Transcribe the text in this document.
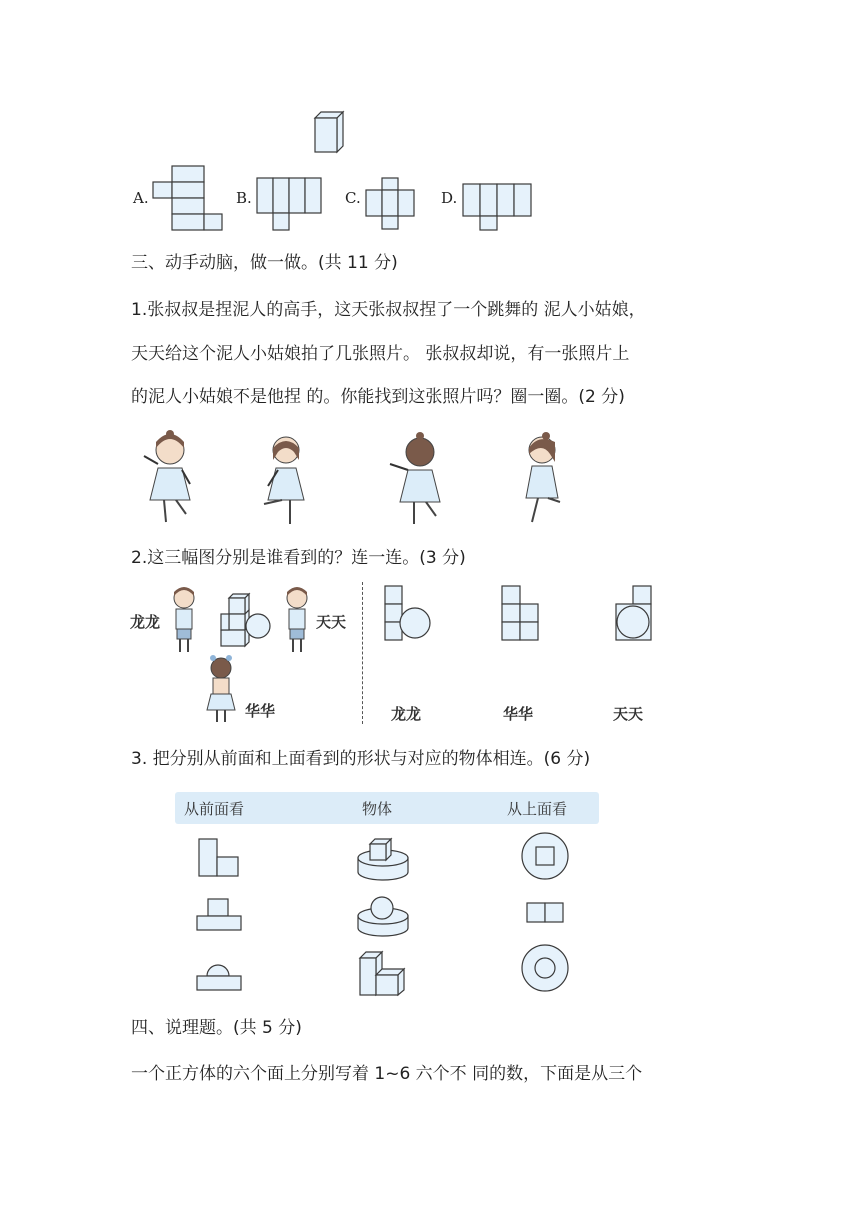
A.	B.	C.	D.
三、动手动脑，做一做。(共 11 分)
1.张叔叔是捏泥人的高手，这天张叔叔捏了一个跳舞的 泥人小姑娘，
天天给这个泥人小姑娘拍了几张照片。 张叔叔却说，有一张照片上
的泥人小姑娘不是他捏 的。你能找到这张照片吗？圈一圈。(2 分)
2.这三幅图分别是谁看到的？连一连。(3 分)
龙龙	天天
华华	龙龙	华华	天天
3. 把分别从前面和上面看到的形状与对应的物体相连。(6 分)
从前面看	物体	从上面看
四、说理题。(共 5 分)
一个正方体的六个面上分别写着 1~6 六个不 同的数，下面是从三个
